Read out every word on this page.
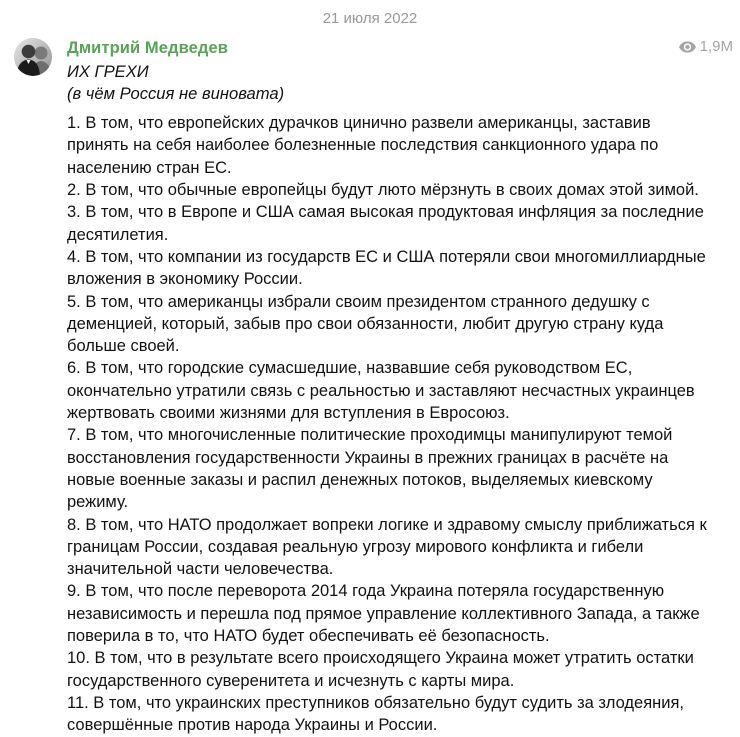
21 июля 2022
Дмитрий Медведев	1,9M
ИХ ГРЕХИ
(в чём Россия не виновата)
1. В том, что европейских дурачков цинично развели американцы, заставив принять на себя наиболее болезненные последствия санкционного удара по населению стран ЕС.
2. В том, что обычные европейцы будут люто мёрзнуть в своих домах этой зимой.
3. В том, что в Европе и США самая высокая продуктовая инфляция за последние десятилетия.
4. В том, что компании из государств ЕС и США потеряли свои многомиллиардные вложения в экономику России.
5. В том, что американцы избрали своим президентом странного дедушку с деменцией, который, забыв про свои обязанности, любит другую страну куда больше своей.
6. В том, что городские сумасшедшие, назвавшие себя руководством ЕС, окончательно утратили связь с реальностью и заставляют несчастных украинцев жертвовать своими жизнями для вступления в Евросоюз.
7. В том, что многочисленные политические проходимцы манипулируют темой восстановления государственности Украины в прежних границах в расчёте на новые военные заказы и распил денежных потоков, выделяемых киевскому режиму.
8. В том, что НАТО продолжает вопреки логике и здравому смыслу приближаться к границам России, создавая реальную угрозу мирового конфликта и гибели значительной части человечества.
9. В том, что после переворота 2014 года Украина потеряла государственную независимость и перешла под прямое управление коллективного Запада, а также поверила в то, что НАТО будет обеспечивать её безопасность.
10. В том, что в результате всего происходящего Украина может утратить остатки государственного суверенитета и исчезнуть с карты мира.
11. В том, что украинских преступников обязательно будут судить за злодеяния, совершённые против народа Украины и России.
